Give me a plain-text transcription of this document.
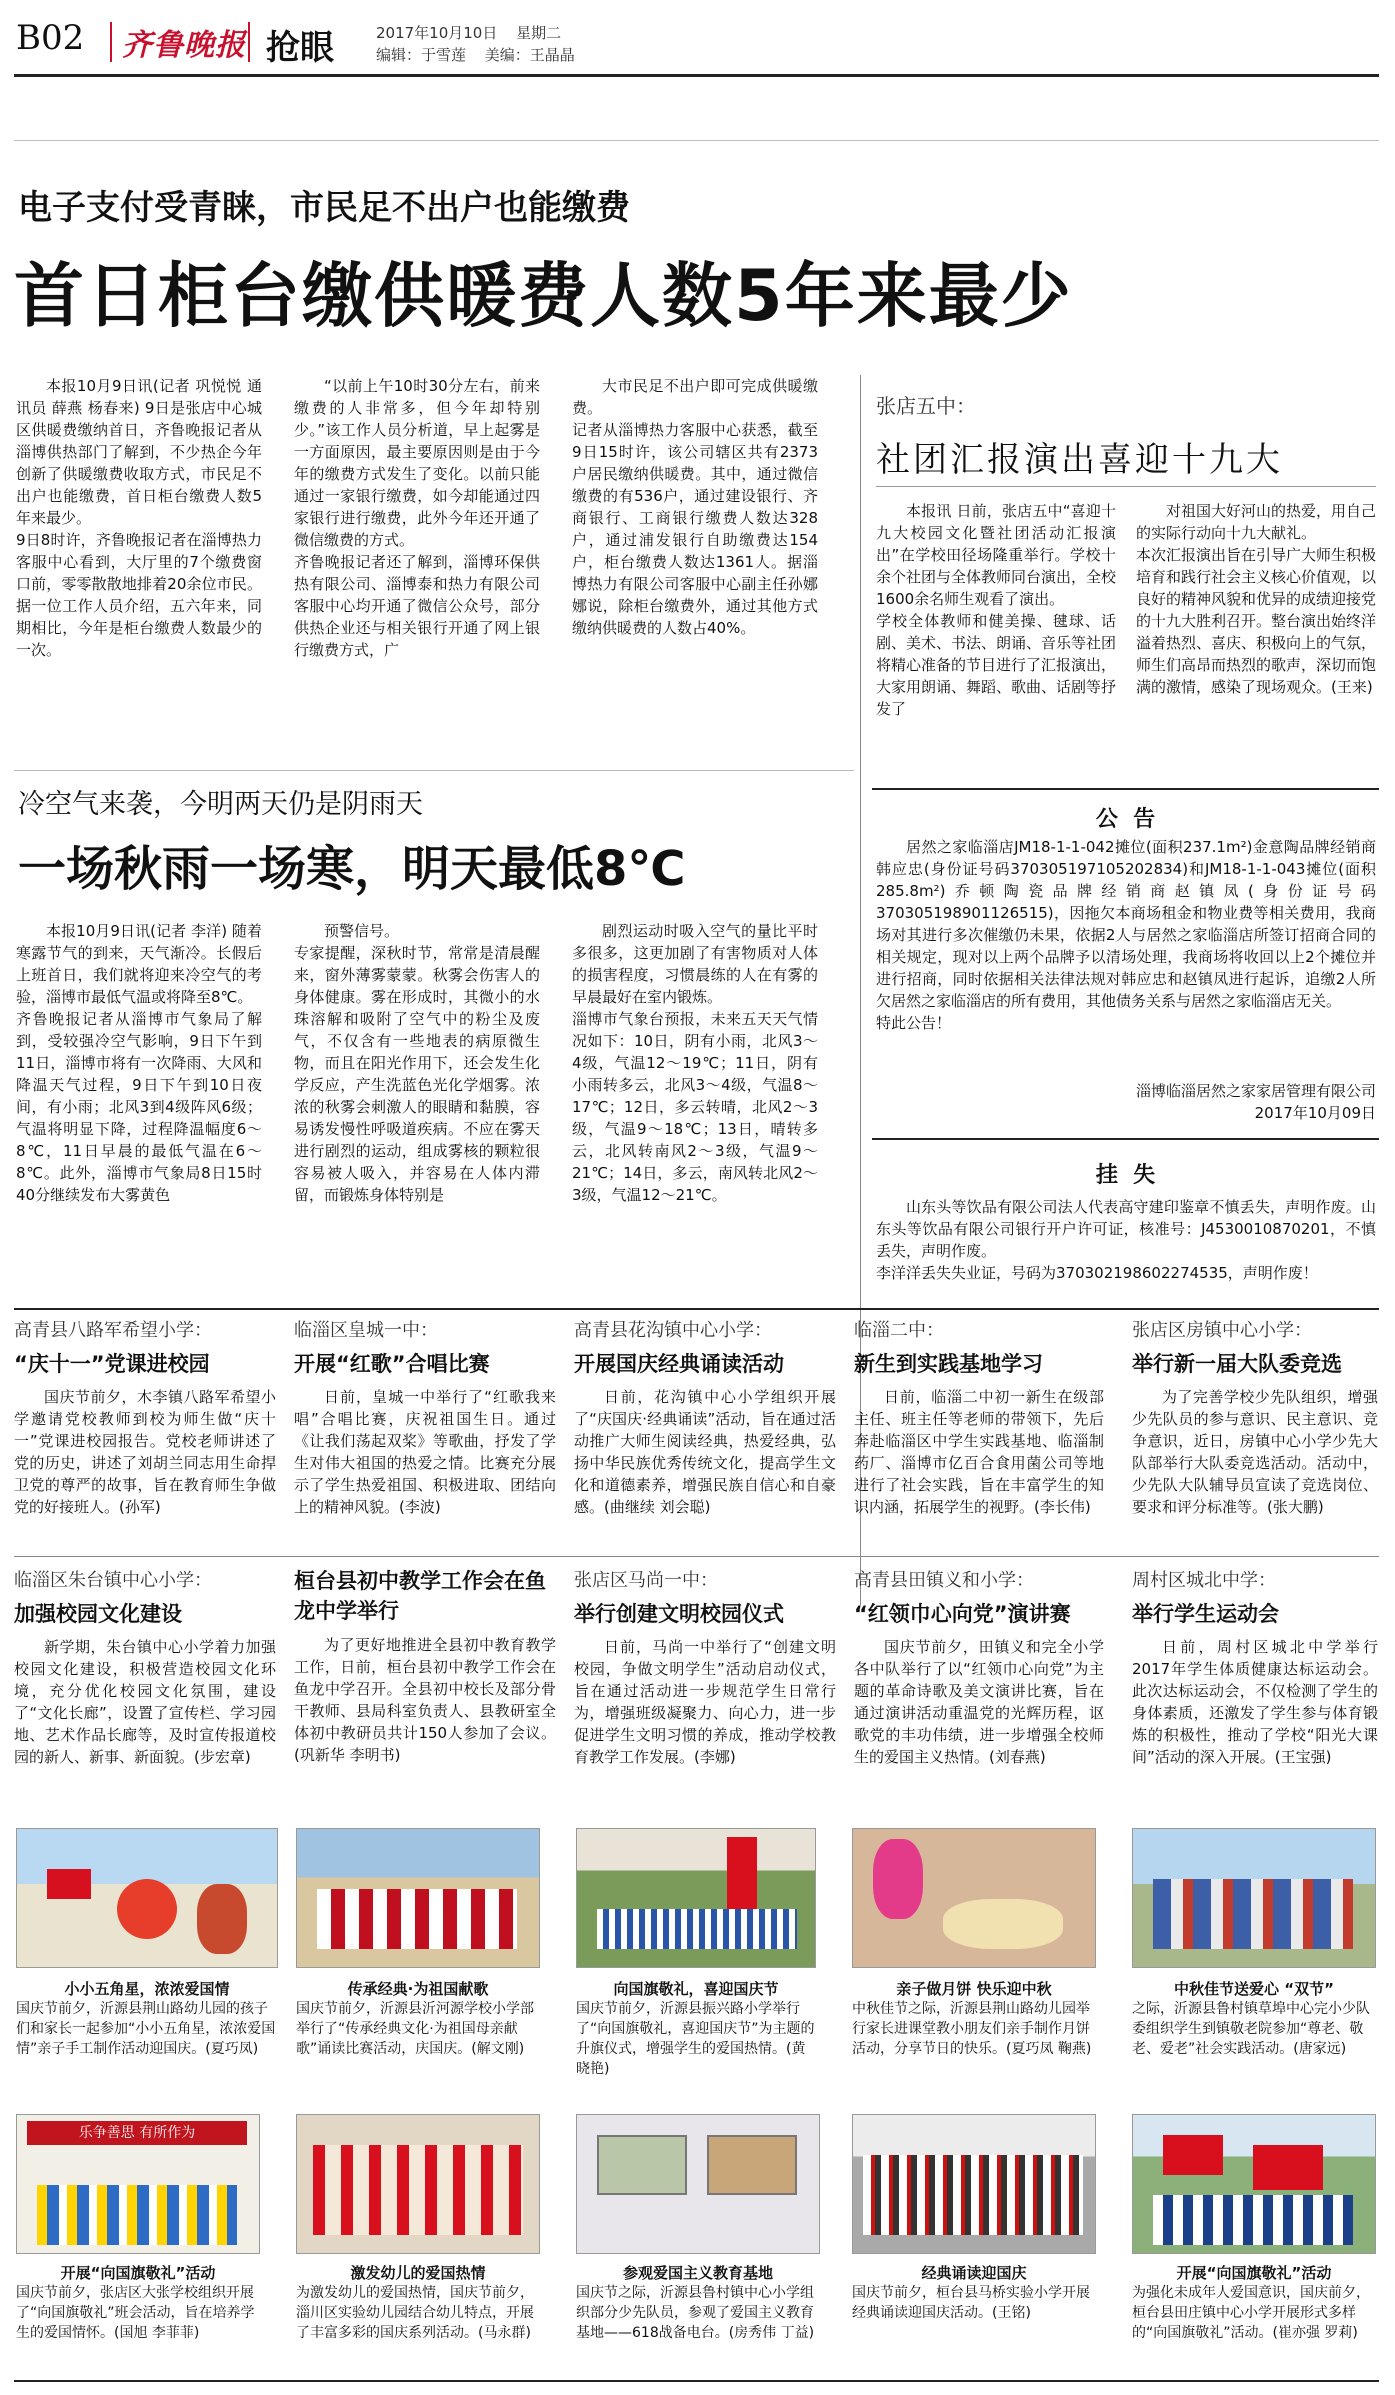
B02 齐鲁晚报 抢眼	2017年10月10日 星期二
编辑：于雪莲 美编：王晶晶
电子支付受青睐，市民足不出户也能缴费
首日柜台缴供暖费人数5年来最少

本报10月9日讯(记者 巩悦悦 通讯员 薛燕 杨春来) 9日是张店中心城区供暖费缴纳首日，齐鲁晚报记者从淄博供热部门了解到，不少热企今年创新了供暖缴费收取方式，市民足不出户也能缴费，首日柜台缴费人数5年来最少。
9日8时许，齐鲁晚报记者在淄博热力客服中心看到，大厅里的7个缴费窗口前，零零散散地排着20余位市民。据一位工作人员介绍，五六年来，同期相比，今年是柜台缴费人数最少的一次。

“以前上午10时30分左右，前来缴费的人非常多，但今年却特别少。”该工作人员分析道，早上起雾是一方面原因，最主要原因则是由于今年的缴费方式发生了变化。以前只能通过一家银行缴费，如今却能通过四家银行进行缴费，此外今年还开通了微信缴费的方式。
齐鲁晚报记者还了解到，淄博环保供热有限公司、淄博泰和热力有限公司客服中心均开通了微信公众号，部分供热企业还与相关银行开通了网上银行缴费方式，广

大市民足不出户即可完成供暖缴费。
记者从淄博热力客服中心获悉，截至9日15时许，该公司辖区共有2373户居民缴纳供暖费。其中，通过微信缴费的有536户，通过建设银行、齐商银行、工商银行缴费人数达328户，通过浦发银行自助缴费达154户，柜台缴费人数达1361人。据淄博热力有限公司客服中心副主任孙娜娜说，除柜台缴费外，通过其他方式缴纳供暖费的人数占40%。

张店五中：
社团汇报演出喜迎十九大

本报讯 日前，张店五中“喜迎十九大校园文化暨社团活动汇报演出”在学校田径场隆重举行。学校十余个社团与全体教师同台演出，全校1600余名师生观看了演出。
学校全体教师和健美操、毽球、话剧、美术、书法、朗诵、音乐等社团将精心准备的节目进行了汇报演出，大家用朗诵、舞蹈、歌曲、话剧等抒发了

对祖国大好河山的热爱，用自己的实际行动向十九大献礼。
本次汇报演出旨在引导广大师生积极培育和践行社会主义核心价值观，以良好的精神风貌和优异的成绩迎接党的十九大胜利召开。整台演出始终洋溢着热烈、喜庆、积极向上的气氛，师生们高昂而热烈的歌声，深切而饱满的激情，感染了现场观众。(王来)

公  告

居然之家临淄店JM18-1-1-042摊位(面积237.1m²)金意陶品牌经销商韩应忠(身份证号码370305197105202834)和JM18-1-1-043摊位(面积285.8m²)乔顿陶瓷品牌经销商赵镇凤(身份证号码370305198901126515)，因拖欠本商场租金和物业费等相关费用，我商场对其进行多次催缴仍未果，依据2人与居然之家临淄店所签订招商合同的相关规定，现对以上两个品牌予以清场处理，我商场将收回以上2个摊位并进行招商，同时依据相关法律法规对韩应忠和赵镇凤进行起诉，追缴2人所欠居然之家临淄店的所有费用，其他债务关系与居然之家临淄店无关。
特此公告！

淄博临淄居然之家家居管理有限公司
2017年10月09日
挂  失

山东头等饮品有限公司法人代表高守建印鉴章不慎丢失，声明作废。山东头等饮品有限公司银行开户许可证，核准号：J4530010870201，不慎丢失，声明作废。
李洋洋丢失失业证，号码为370302198602274535，声明作废！

冷空气来袭，今明两天仍是阴雨天
一场秋雨一场寒，明天最低8℃

本报10月9日讯(记者 李洋) 随着寒露节气的到来，天气渐冷。长假后上班首日，我们就将迎来冷空气的考验，淄博市最低气温或将降至8℃。
齐鲁晚报记者从淄博市气象局了解到，受较强冷空气影响，9日下午到11日，淄博市将有一次降雨、大风和降温天气过程，9日下午到10日夜间，有小雨；北风3到4级阵风6级；气温将明显下降，过程降温幅度6～8℃，11日早晨的最低气温在6～8℃。此外，淄博市气象局8日15时40分继续发布大雾黄色

预警信号。
专家提醒，深秋时节，常常是清晨醒来，窗外薄雾蒙蒙。秋雾会伤害人的身体健康。雾在形成时，其微小的水珠溶解和吸附了空气中的粉尘及废气，不仅含有一些地表的病原微生物，而且在阳光作用下，还会发生化学反应，产生洗蓝色光化学烟雾。浓浓的秋雾会刺激人的眼睛和黏膜，容易诱发慢性呼吸道疾病。不应在雾天进行剧烈的运动，组成雾核的颗粒很容易被人吸入，并容易在人体内滞留，而锻炼身体特别是

剧烈运动时吸入空气的量比平时多很多，这更加剧了有害物质对人体的损害程度，习惯晨练的人在有雾的早晨最好在室内锻炼。
淄博市气象台预报，未来五天天气情况如下：10日，阴有小雨，北风3～4级，气温12～19℃；11日，阴有小雨转多云，北风3～4级，气温8～17℃；12日，多云转晴，北风2～3级，气温9～18℃；13日，晴转多云，北风转南风2～3级，气温9～21℃；14日，多云，南风转北风2～3级，气温12～21℃。

高青县八路军希望小学：
“庆十一”党课进校园

国庆节前夕，木李镇八路军希望小学邀请党校教师到校为师生做“庆十一”党课进校园报告。党校老师讲述了党的历史，讲述了刘胡兰同志用生命捍卫党的尊严的故事，旨在教育师生争做党的好接班人。(孙军)

临淄区皇城一中：
开展“红歌”合唱比赛

日前，皇城一中举行了“红歌我来唱”合唱比赛，庆祝祖国生日。通过《让我们荡起双桨》等歌曲，抒发了学生对伟大祖国的热爱之情。比赛充分展示了学生热爱祖国、积极进取、团结向上的精神风貌。(李波)

高青县花沟镇中心小学：
开展国庆经典诵读活动

日前，花沟镇中心小学组织开展了“庆国庆·经典诵读”活动，旨在通过活动推广大师生阅读经典，热爱经典，弘扬中华民族优秀传统文化，提高学生文化和道德素养，增强民族自信心和自豪感。(曲继续 刘会聪)

临淄二中：
新生到实践基地学习

日前，临淄二中初一新生在级部主任、班主任等老师的带领下，先后奔赴临淄区中学生实践基地、临淄制药厂、淄博市亿百合食用菌公司等地进行了社会实践，旨在丰富学生的知识内涵，拓展学生的视野。(李长伟)

张店区房镇中心小学：
举行新一届大队委竞选

为了完善学校少先队组织，增强少先队员的参与意识、民主意识、竞争意识，近日，房镇中心小学少先大队部举行大队委竞选活动。活动中，少先队大队辅导员宣读了竞选岗位、要求和评分标准等。(张大鹏)

临淄区朱台镇中心小学：
加强校园文化建设

新学期，朱台镇中心小学着力加强校园文化建设，积极营造校园文化环境，充分优化校园文化氛围，建设了“文化长廊”，设置了宣传栏、学习园地、艺术作品长廊等，及时宣传报道校园的新人、新事、新面貌。(步宏章)

桓台县初中教学工作会在鱼龙中学举行

为了更好地推进全县初中教育教学工作，日前，桓台县初中教学工作会在鱼龙中学召开。全县初中校长及部分骨干教师、县局科室负责人、县教研室全体初中教研员共计150人参加了会议。(巩新华 李明书)

张店区马尚一中：
举行创建文明校园仪式

日前，马尚一中举行了“创建文明校园，争做文明学生”活动启动仪式，旨在通过活动进一步规范学生日常行为，增强班级凝聚力、向心力，进一步促进学生文明习惯的养成，推动学校教育教学工作发展。(李娜)

高青县田镇义和小学：
“红领巾心向党”演讲赛

国庆节前夕，田镇义和完全小学各中队举行了以“红领巾心向党”为主题的革命诗歌及美文演讲比赛，旨在通过演讲活动重温党的光辉历程，讴歌党的丰功伟绩，进一步增强全校师生的爱国主义热情。(刘春燕)

周村区城北中学：
举行学生运动会

日前，周村区城北中学举行2017年学生体质健康达标运动会。此次达标运动会，不仅检测了学生的身体素质，还激发了学生参与体育锻炼的积极性，推动了学校“阳光大课间”活动的深入开展。(王宝强)

小小五角星，浓浓爱国情
国庆节前夕，沂源县荆山路幼儿园的孩子们和家长一起参加“小小五角星，浓浓爱国情”亲子手工制作活动迎国庆。(夏巧凤)
传承经典·为祖国献歌
国庆节前夕，沂源县沂河源学校小学部举行了“传承经典文化·为祖国母亲献歌”诵读比赛活动，庆国庆。(解文刚)
向国旗敬礼，喜迎国庆节
国庆节前夕，沂源县振兴路小学举行了“向国旗敬礼，喜迎国庆节”为主题的升旗仪式，增强学生的爱国热情。(黄晓艳)
亲子做月饼 快乐迎中秋
中秋佳节之际，沂源县荆山路幼儿园举行家长进课堂教小朋友们亲手制作月饼活动，分享节日的快乐。(夏巧凤 鞠燕)
中秋佳节送爱心 “双节”
之际，沂源县鲁村镇草埠中心完小少队委组织学生到镇敬老院参加“尊老、敬老、爱老”社会实践活动。(唐家远)
乐争善思 有所作为
开展“向国旗敬礼”活动
国庆节前夕，张店区大张学校组织开展了“向国旗敬礼”班会活动，旨在培养学生的爱国情怀。(国旭 李菲菲)
激发幼儿的爱国热情
为激发幼儿的爱国热情，国庆节前夕，淄川区实验幼儿园结合幼儿特点，开展了丰富多彩的国庆系列活动。(马永群)
参观爱国主义教育基地
国庆节之际，沂源县鲁村镇中心小学组织部分少先队员，参观了爱国主义教育基地——618战备电台。(房秀伟 丁益)
经典诵读迎国庆
国庆节前夕，桓台县马桥实验小学开展经典诵读迎国庆活动。(王铭)
开展“向国旗敬礼”活动
为强化未成年人爱国意识，国庆前夕，桓台县田庄镇中心小学开展形式多样的“向国旗敬礼”活动。(崔亦强 罗莉)
